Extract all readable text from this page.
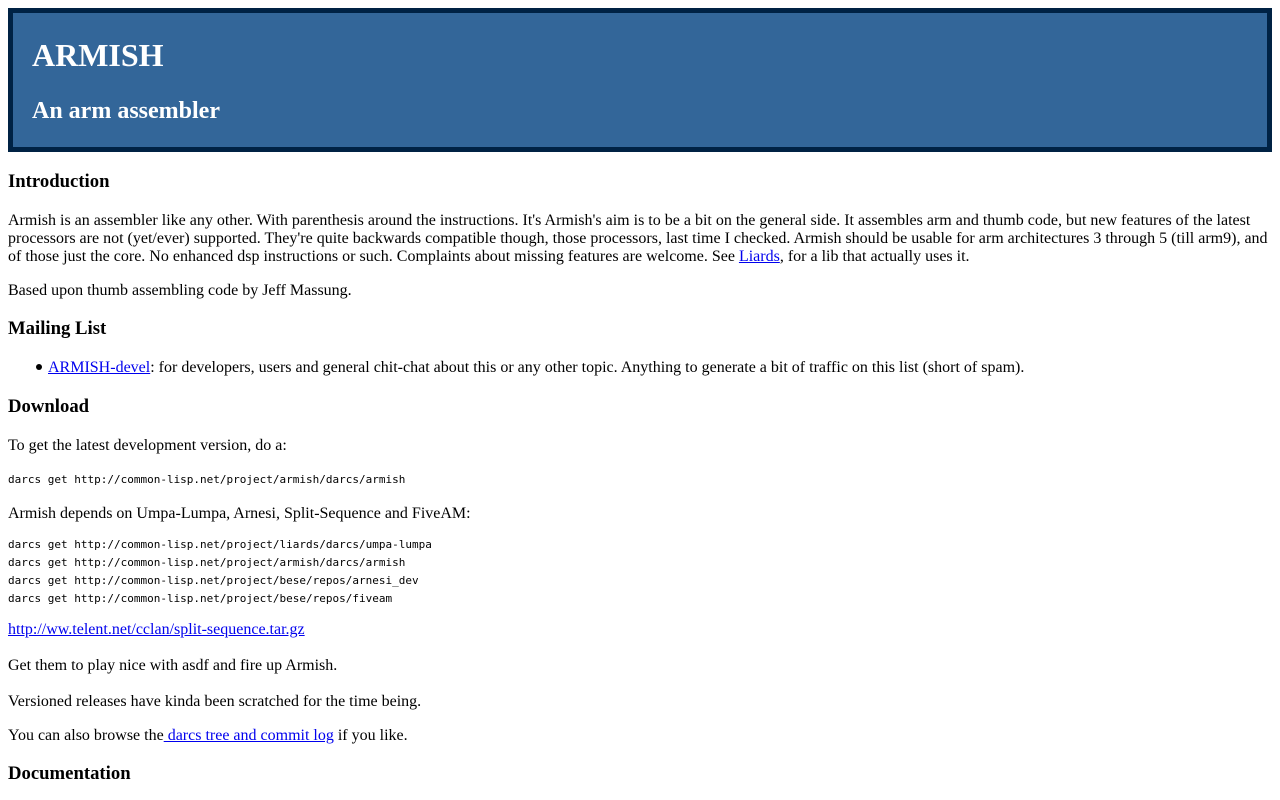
ARMISH
An arm assembler
Introduction

Armish is an assembler like any other. With parenthesis around the instructions. It's Armish's aim is to be a bit on the general side. It assembles arm and thumb code, but new features of the latest processors are not (yet/ever) supported. They're quite backwards compatible though, those processors, last time I checked. Armish should be usable for arm architectures 3 through 5 (till arm9), and of those just the core. No enhanced dsp instructions or such. Complaints about missing features are welcome. See Liards, for a lib that actually uses it.

Based upon thumb assembling code by Jeff Massung.

Mailing List

ARMISH-devel: for developers, users and general chit-chat about this or any other topic. Anything to generate a bit of traffic on this list (short of spam).

Download

To get the latest development version, do a:

darcs get http://common-lisp.net/project/armish/darcs/armish

Armish depends on Umpa-Lumpa, Arnesi, Split-Sequence and FiveAM:

darcs get http://common-lisp.net/project/liards/darcs/umpa-lumpa
darcs get http://common-lisp.net/project/armish/darcs/armish
darcs get http://common-lisp.net/project/bese/repos/arnesi_dev
darcs get http://common-lisp.net/project/bese/repos/fiveam

http://ww.telent.net/cclan/split-sequence.tar.gz

Get them to play nice with asdf and fire up Armish.

Versioned releases have kinda been scratched for the time being.

You can also browse the darcs tree and commit log if you like.

Documentation
